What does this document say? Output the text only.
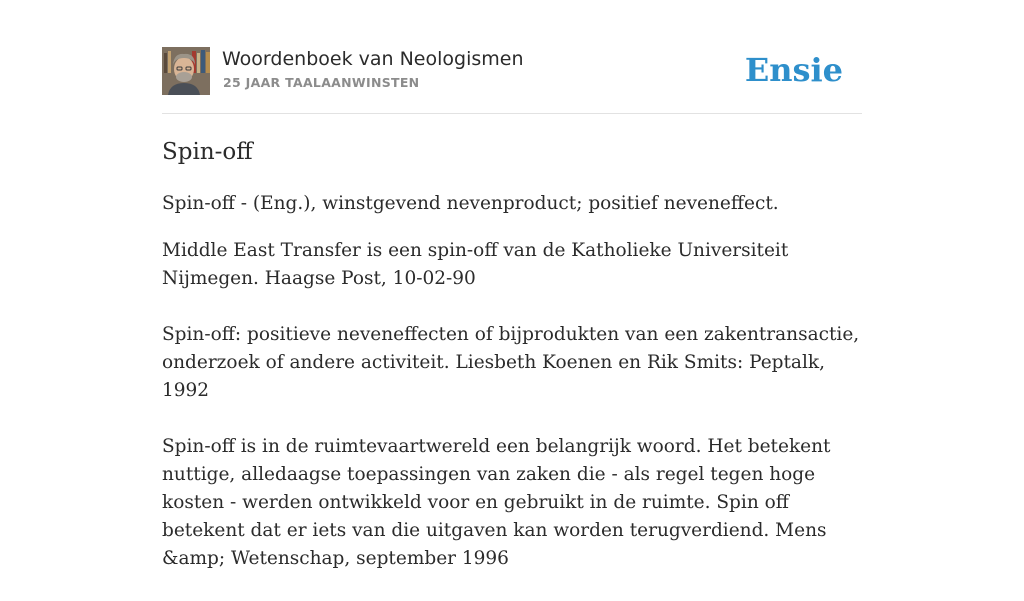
Woordenboek van Neologismen
25 JAAR TAALAANWINSTEN	Ensie
Spin-off

Spin-off - (Eng.), winstgevend nevenproduct; positief neveneffect.

Middle East Transfer is een spin-off van de Katholieke Universiteit Nijmegen. Haagse Post, 10-02-90

Spin-off: positieve neveneffecten of bijprodukten van een zakentransactie, onderzoek of andere activiteit. Liesbeth Koenen en Rik Smits: Peptalk, 1992

Spin-off is in de ruimtevaartwereld een belangrijk woord. Het betekent nuttige, alledaagse toepassingen van zaken die - als regel tegen hoge kosten - werden ontwikkeld voor en gebruikt in de ruimte. Spin off betekent dat er iets van die uitgaven kan worden terugverdiend. Mens &amp; Wetenschap, september 1996
